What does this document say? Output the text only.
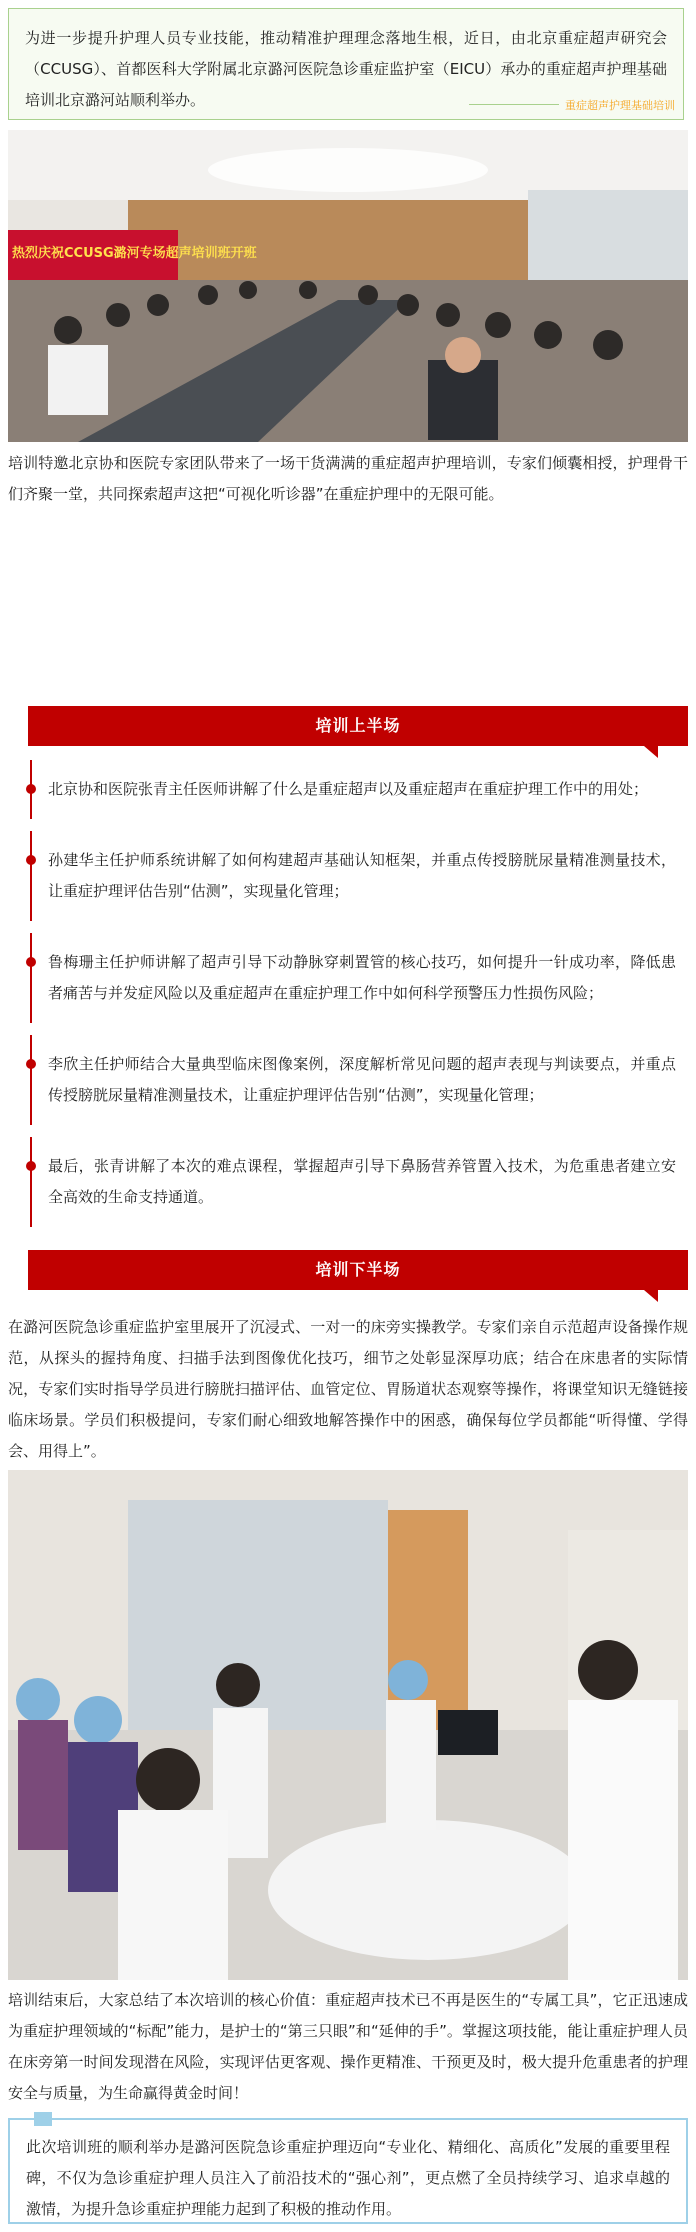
为进一步提升护理人员专业技能，推动精准护理理念落地生根，近日，由北京重症超声研究会（CCUSG）、首都医科大学附属北京潞河医院急诊重症监护室（EICU）承办的重症超声护理基础培训北京潞河站顺利举办。	重症超声护理基础培训
热烈庆祝CCUSG潞河专场超声培训班开班

培训特邀北京协和医院专家团队带来了一场干货满满的重症超声护理培训，专家们倾囊相授，护理骨干们齐聚一堂，共同探索超声这把“可视化听诊器”在重症护理中的无限可能。

培训上半场

北京协和医院张青主任医师讲解了什么是重症超声以及重症超声在重症护理工作中的用处；

孙建华主任护师系统讲解了如何构建超声基础认知框架，并重点传授膀胱尿量精准测量技术，让重症护理评估告别“估测”，实现量化管理；

鲁梅珊主任护师讲解了超声引导下动静脉穿刺置管的核心技巧，如何提升一针成功率，降低患者痛苦与并发症风险以及重症超声在重症护理工作中如何科学预警压力性损伤风险；

李欣主任护师结合大量典型临床图像案例，深度解析常见问题的超声表现与判读要点，并重点传授膀胱尿量精准测量技术，让重症护理评估告别“估测”，实现量化管理；

最后，张青讲解了本次的难点课程，掌握超声引导下鼻肠营养管置入技术，为危重患者建立安全高效的生命支持通道。

培训下半场

在潞河医院急诊重症监护室里展开了沉浸式、一对一的床旁实操教学。专家们亲自示范超声设备操作规范，从探头的握持角度、扫描手法到图像优化技巧，细节之处彰显深厚功底；结合在床患者的实际情况，专家们实时指导学员进行膀胱扫描评估、血管定位、胃肠道状态观察等操作，将课堂知识无缝链接临床场景。学员们积极提问，专家们耐心细致地解答操作中的困惑，确保每位学员都能“听得懂、学得会、用得上”。

培训结束后，大家总结了本次培训的核心价值：重症超声技术已不再是医生的“专属工具”，它正迅速成为重症护理领域的“标配”能力，是护士的“第三只眼”和“延伸的手”。掌握这项技能，能让重症护理人员在床旁第一时间发现潜在风险，实现评估更客观、操作更精准、干预更及时，极大提升危重患者的护理安全与质量，为生命赢得黄金时间！

此次培训班的顺利举办是潞河医院急诊重症护理迈向“专业化、精细化、高质化”发展的重要里程碑，不仅为急诊重症护理人员注入了前沿技术的“强心剂”，更点燃了全员持续学习、追求卓越的激情，为提升急诊重症护理能力起到了积极的推动作用。
